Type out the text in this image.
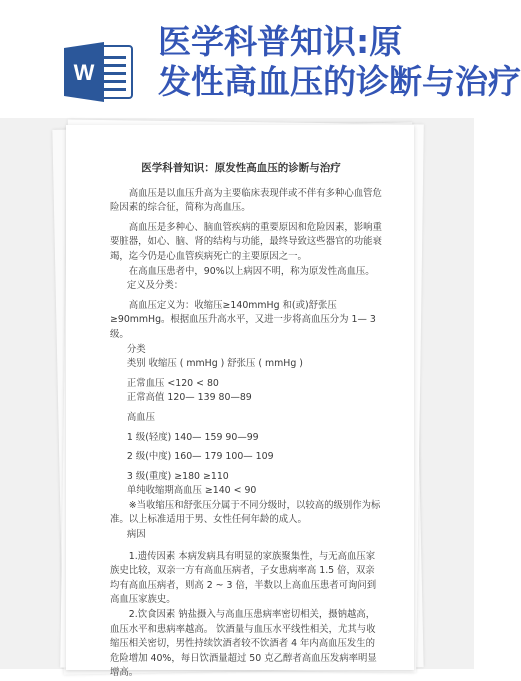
W
医学科普知识:原
发性高血压的诊断与治疗
医学科普知识：原发性高血压的诊断与治疗
高血压是以血压升高为主要临床表现伴或不伴有多种心血管危险因素的综合征，简称为高血压。
高血压是多种心、脑血管疾病的重要原因和危险因素，影响重要脏器，如心、脑、肾的结构与功能，最终导致这些器官的功能衰竭，迄今仍是心血管疾病死亡的主要原因之一。
在高血压患者中，90%以上病因不明，称为原发性高血压。
定义及分类：
高血压定义为：收缩压≥140mmHg 和(或)舒张压≥90mmHg。根据血压升高水平，又进一步将高血压分为 1— 3 级。
分类
类别 收缩压 ( mmHg ) 舒张压 ( mmHg )
正常血压 <120 < 80
正常高值 120— 139 80—89
高血压
1 级(轻度) 140— 159 90—99
2 级(中度) 160— 179 100— 109
3 级(重度) ≥180 ≥110
单纯收缩期高血压 ≥140 < 90
※当收缩压和舒张压分属于不同分级时，以较高的级别作为标准。以上标准适用于男、女性任何年龄的成人。
病因
1.遗传因素 本病发病具有明显的家族聚集性，与无高血压家族史比较，双亲一方有高血压病者，子女患病率高 1.5 倍，双亲均有高血压病者，则高 2 ~ 3 倍，半数以上高血压患者可询问到高血压家族史。
2.饮食因素 钠盐摄入与高血压患病率密切相关，摄钠越高，血压水平和患病率越高。 饮酒量与血压水平线性相关，尤其与收缩压相关密切，男性持续饮酒者较不饮酒者 4 年内高血压发生的危险增加 40%，每日饮酒量超过 50 克乙醇者高血压发病率明显增高。
